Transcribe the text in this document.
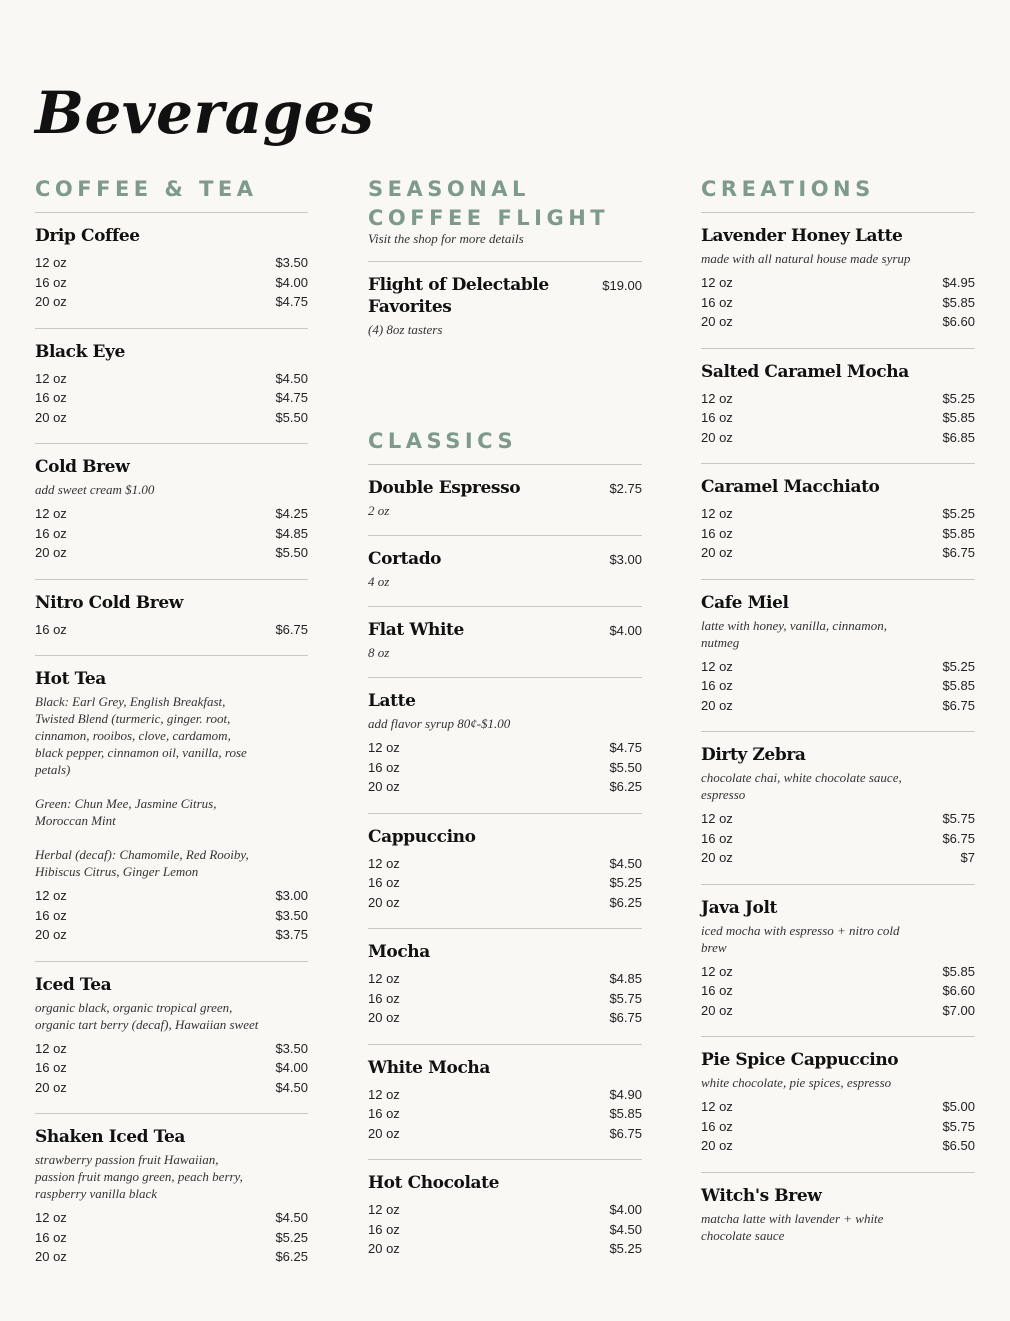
Beverages
COFFEE & TEA
Drip Coffee
12 oz	$3.50
16 oz	$4.00
20 oz	$4.75
Black Eye
12 oz	$4.50
16 oz	$4.75
20 oz	$5.50
Cold Brew
add sweet cream $1.00
12 oz	$4.25
16 oz	$4.85
20 oz	$5.50
Nitro Cold Brew
16 oz	$6.75
Hot Tea
Black: Earl Grey, English Breakfast, Twisted Blend (turmeric, ginger. root, cinnamon, rooibos, clove, cardamom, black pepper, cinnamon oil, vanilla, rose petals)

Green: Chun Mee, Jasmine Citrus, Moroccan Mint

Herbal (decaf): Chamomile, Red Rooiby, Hibiscus Citrus, Ginger Lemon
12 oz	$3.00
16 oz	$3.50
20 oz	$3.75
Iced Tea
organic black, organic tropical green, organic tart berry (decaf), Hawaiian sweet
12 oz	$3.50
16 oz	$4.00
20 oz	$4.50
Shaken Iced Tea
strawberry passion fruit Hawaiian, passion fruit mango green, peach berry, raspberry vanilla black
12 oz	$4.50
16 oz	$5.25
20 oz	$6.25
SEASONAL COFFEE FLIGHT
Visit the shop for more details
Flight of Delectable Favorites
$19.00
(4) 8oz tasters
CLASSICS
Double Espresso	$2.75
2 oz
Cortado	$3.00
4 oz
Flat White	$4.00
8 oz
Latte
add flavor syrup 80¢-$1.00
12 oz	$4.75
16 oz	$5.50
20 oz	$6.25
Cappuccino
12 oz	$4.50
16 oz	$5.25
20 oz	$6.25
Mocha
12 oz	$4.85
16 oz	$5.75
20 oz	$6.75
White Mocha
12 oz	$4.90
16 oz	$5.85
20 oz	$6.75
Hot Chocolate
12 oz	$4.00
16 oz	$4.50
20 oz	$5.25
CREATIONS
Lavender Honey Latte
made with all natural house made syrup
12 oz	$4.95
16 oz	$5.85
20 oz	$6.60
Salted Caramel Mocha
12 oz	$5.25
16 oz	$5.85
20 oz	$6.85
Caramel Macchiato
12 oz	$5.25
16 oz	$5.85
20 oz	$6.75
Cafe Miel
latte with honey, vanilla, cinnamon, nutmeg
12 oz	$5.25
16 oz	$5.85
20 oz	$6.75
Dirty Zebra
chocolate chai, white chocolate sauce, espresso
12 oz	$5.75
16 oz	$6.75
20 oz	$7
Java Jolt
iced mocha with espresso + nitro cold brew
12 oz	$5.85
16 oz	$6.60
20 oz	$7.00
Pie Spice Cappuccino
white chocolate, pie spices, espresso
12 oz	$5.00
16 oz	$5.75
20 oz	$6.50
Witch's Brew
matcha latte with lavender + white chocolate sauce
